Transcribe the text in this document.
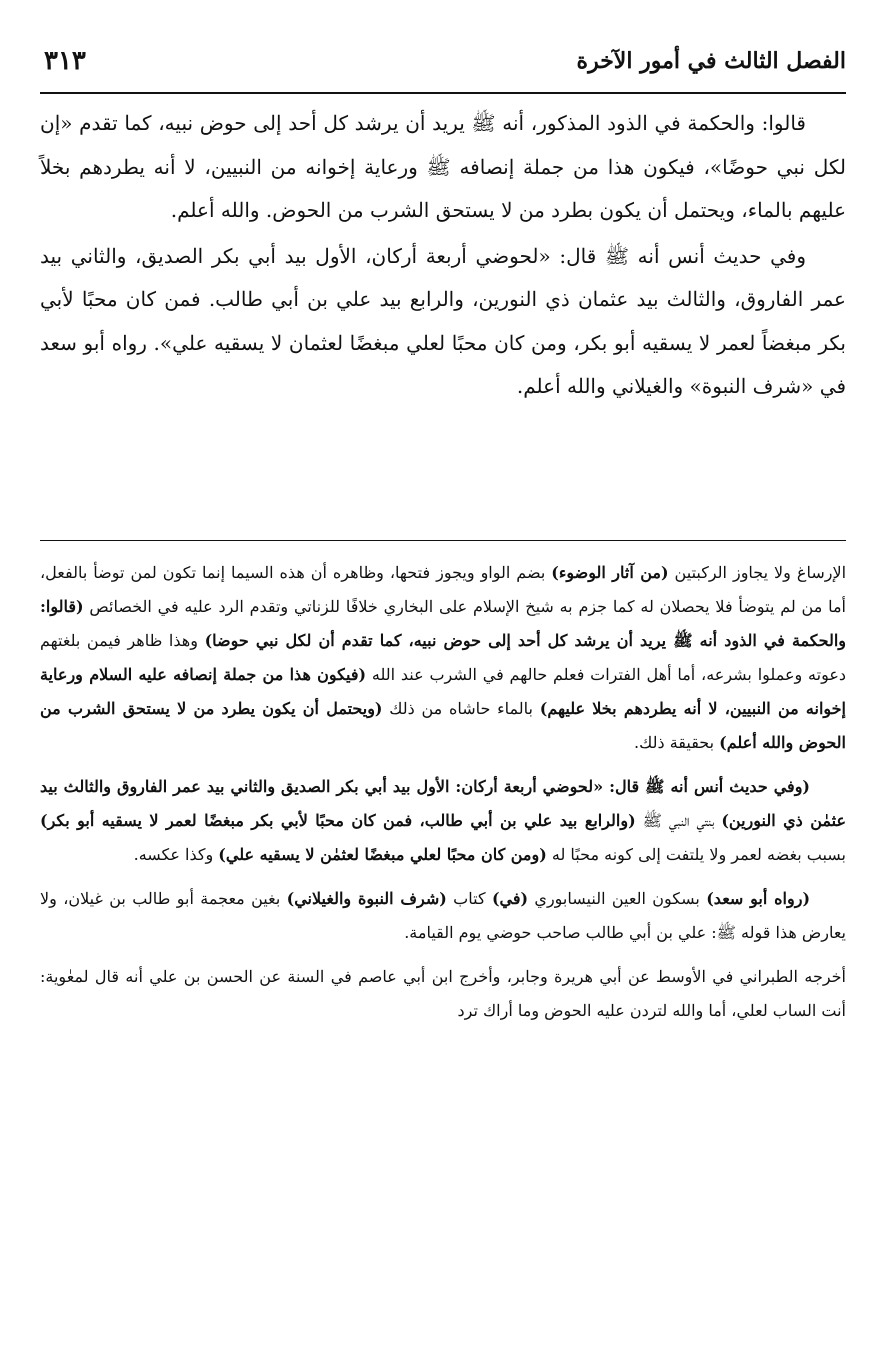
الفصل الثالث في أمور الآخرة
٣١٣

قالوا: والحكمة في الذود المذكور، أنه ﷺ يريد أن يرشد كل أحد إلى حوض نبيه، كما تقدم «إن لكل نبي حوضًا»، فيكون هذا من جملة إنصافه ﷺ ورعاية إخوانه من النبيين، لا أنه يطردهم بخلاً عليهم بالماء، ويحتمل أن يكون بطرد من لا يستحق الشرب من الحوض. والله أعلم.

وفي حديث أنس أنه ﷺ قال: «لحوضي أربعة أركان، الأول بيد أبي بكر الصديق، والثاني بيد عمر الفاروق، والثالث بيد عثمان ذي النورين، والرابع بيد علي بن أبي طالب. فمن كان محبًا لأبي بكر مبغضاً لعمر لا يسقيه أبو بكر، ومن كان محبًا لعلي مبغضًا لعثمان لا يسقيه علي». رواه أبو سعد في «شرف النبوة» والغيلاني والله أعلم.

الإرساغ ولا يجاوز الركبتين (من آثار الوضوء) بضم الواو ويجوز فتحها، وظاهره أن هذه السيما إنما تكون لمن توضأ بالفعل، أما من لم يتوضأ فلا يحصلان له كما جزم به شيخ الإسلام على البخاري خلافًا للزناتي وتقدم الرد عليه في الخصائص (قالوا: والحكمة في الذود أنه ﷺ يريد أن يرشد كل أحد إلى حوض نبيه، كما تقدم أن لكل نبي حوضا) وهذا ظاهر فيمن بلغتهم دعوته وعملوا بشرعه، أما أهل الفترات فعلم حالهم في الشرب عند الله (فيكون هذا من جملة إنصافه عليه السلام ورعاية إخوانه من النبيين، لا أنه يطردهم بخلا عليهم) بالماء حاشاه من ذلك (ويحتمل أن يكون يطرد من لا يستحق الشرب من الحوض والله أعلم) بحقيقة ذلك.

(وفي حديث أنس أنه ﷺ قال: «لحوضي أربعة أركان: الأول بيد أبي بكر الصديق والثاني بيد عمر الفاروق والثالث بيد عثمٰن ذي النورين) بنتي النبي ﷺ (والرابع بيد علي بن أبي طالب، فمن كان محبًا لأبي بكر مبغضًا لعمر لا يسقيه أبو بكر) بسبب بغضه لعمر ولا يلتفت إلى كونه محبًا له (ومن كان محبًا لعلي مبغضًا لعثمٰن لا يسقيه علي) وكذا عكسه.

(رواه أبو سعد) بسكون العين النيسابوري (في) كتاب (شرف النبوة والغيلاني) بغين معجمة أبو طالب بن غيلان، ولا يعارض هذا قوله ﷺ: علي بن أبي طالب صاحب حوضي يوم القيامة.

أخرجه الطبراني في الأوسط عن أبي هريرة وجابر، وأخرج ابن أبي عاصم في السنة عن الحسن بن علي أنه قال لمعٰوية: أنت الساب لعلي، أما والله لتردن عليه الحوض وما أراك ترد
